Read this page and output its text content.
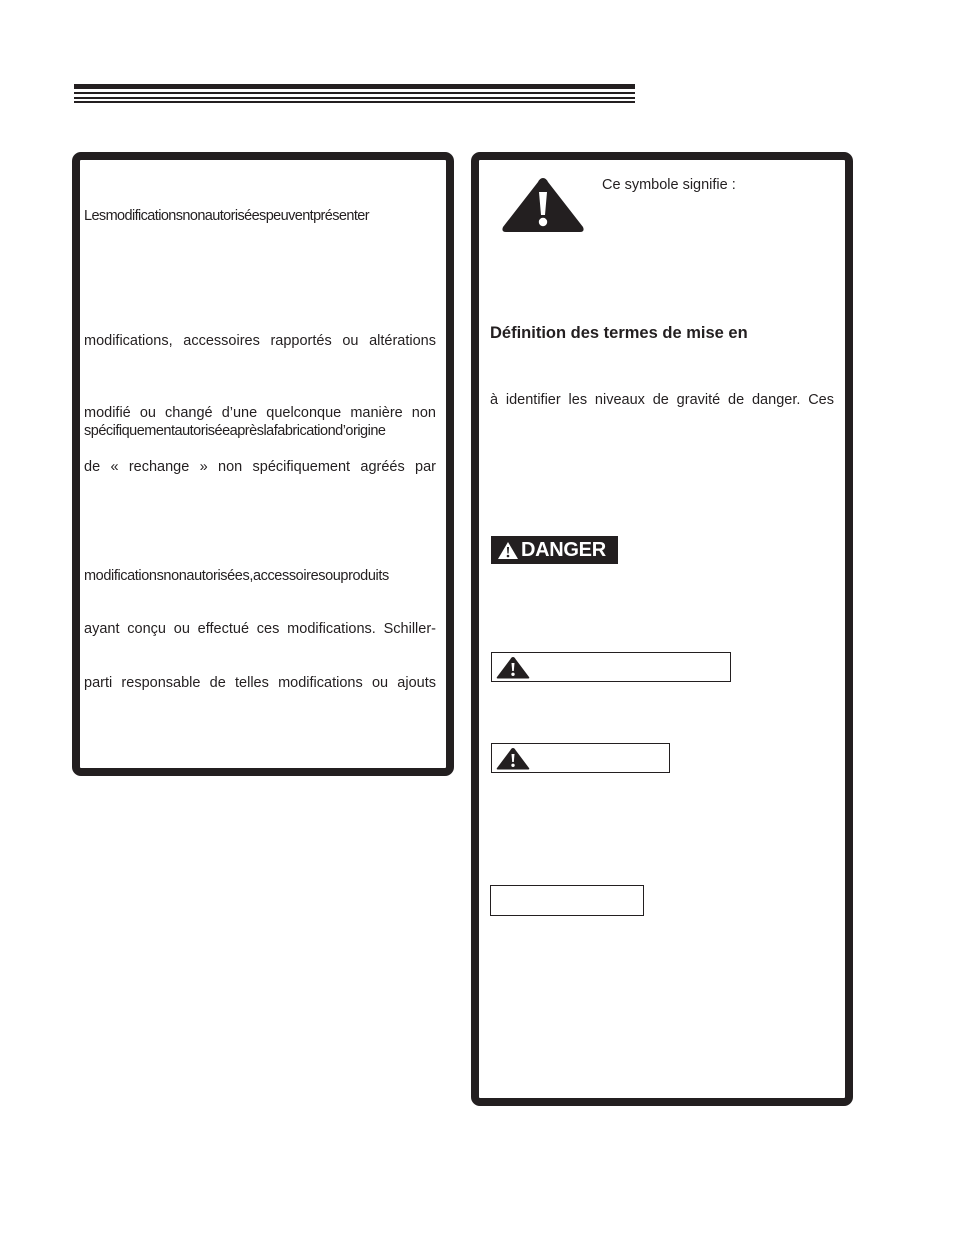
Lesmodificationsnonautoriséespeuventprésenter
modifications, accessoires rapportés ou altérations
modifié ou changé d’une quelconque manière non
spécifiquementautoriséeaprèslafabricationd’origine
de « rechange » non spécifiquement agréés par
modificationsnonautorisées,accessoiresouproduits
ayant conçu ou effectué ces modifications. Schiller-
parti responsable de telles modifications ou ajouts
Ce symbole signifie :
Définition des termes de mise en
à identifier les niveaux de gravité de danger. Ces
DANGER
